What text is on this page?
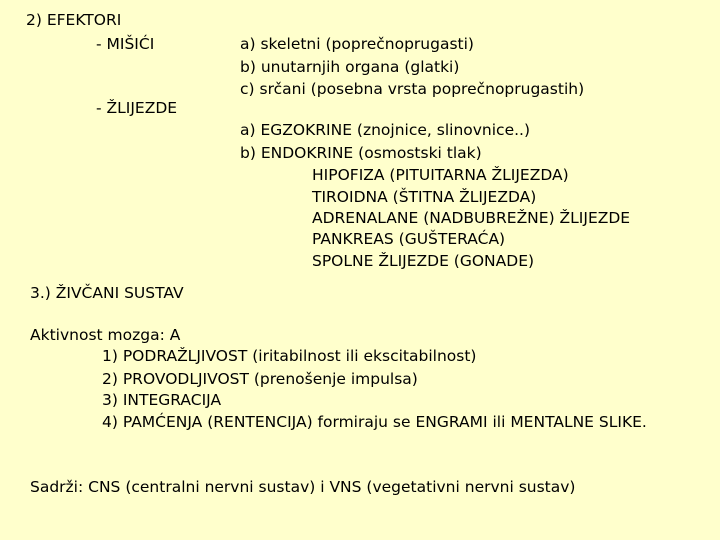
2) EFEKTORI
- MIŠIĆI	a) skeletni (poprečnoprugasti)
b) unutarnjih organa (glatki)
c) srčani (posebna vrsta poprečnoprugastih)
- ŽLIJEZDE
a) EGZOKRINE (znojnice, slinovnice..)
b) ENDOKRINE (osmostski tlak)
HIPOFIZA (PITUITARNA ŽLIJEZDA)
TIROIDNA (ŠTITNA ŽLIJEZDA)
ADRENALANE (NADBUBREŽNE) ŽLIJEZDE
PANKREAS (GUŠTERAĆA)
SPOLNE ŽLIJEZDE (GONADE)
3.) ŽIVČANI SUSTAV
Aktivnost mozga: A
1) PODRAŽLJIVOST (iritabilnost ili ekscitabilnost)
2) PROVODLJIVOST (prenošenje impulsa)
3) INTEGRACIJA
4) PAMĆENJA (RENTENCIJA) formiraju se ENGRAMI ili MENTALNE SLIKE.
Sadrži: CNS (centralni nervni sustav) i VNS (vegetativni nervni sustav)
